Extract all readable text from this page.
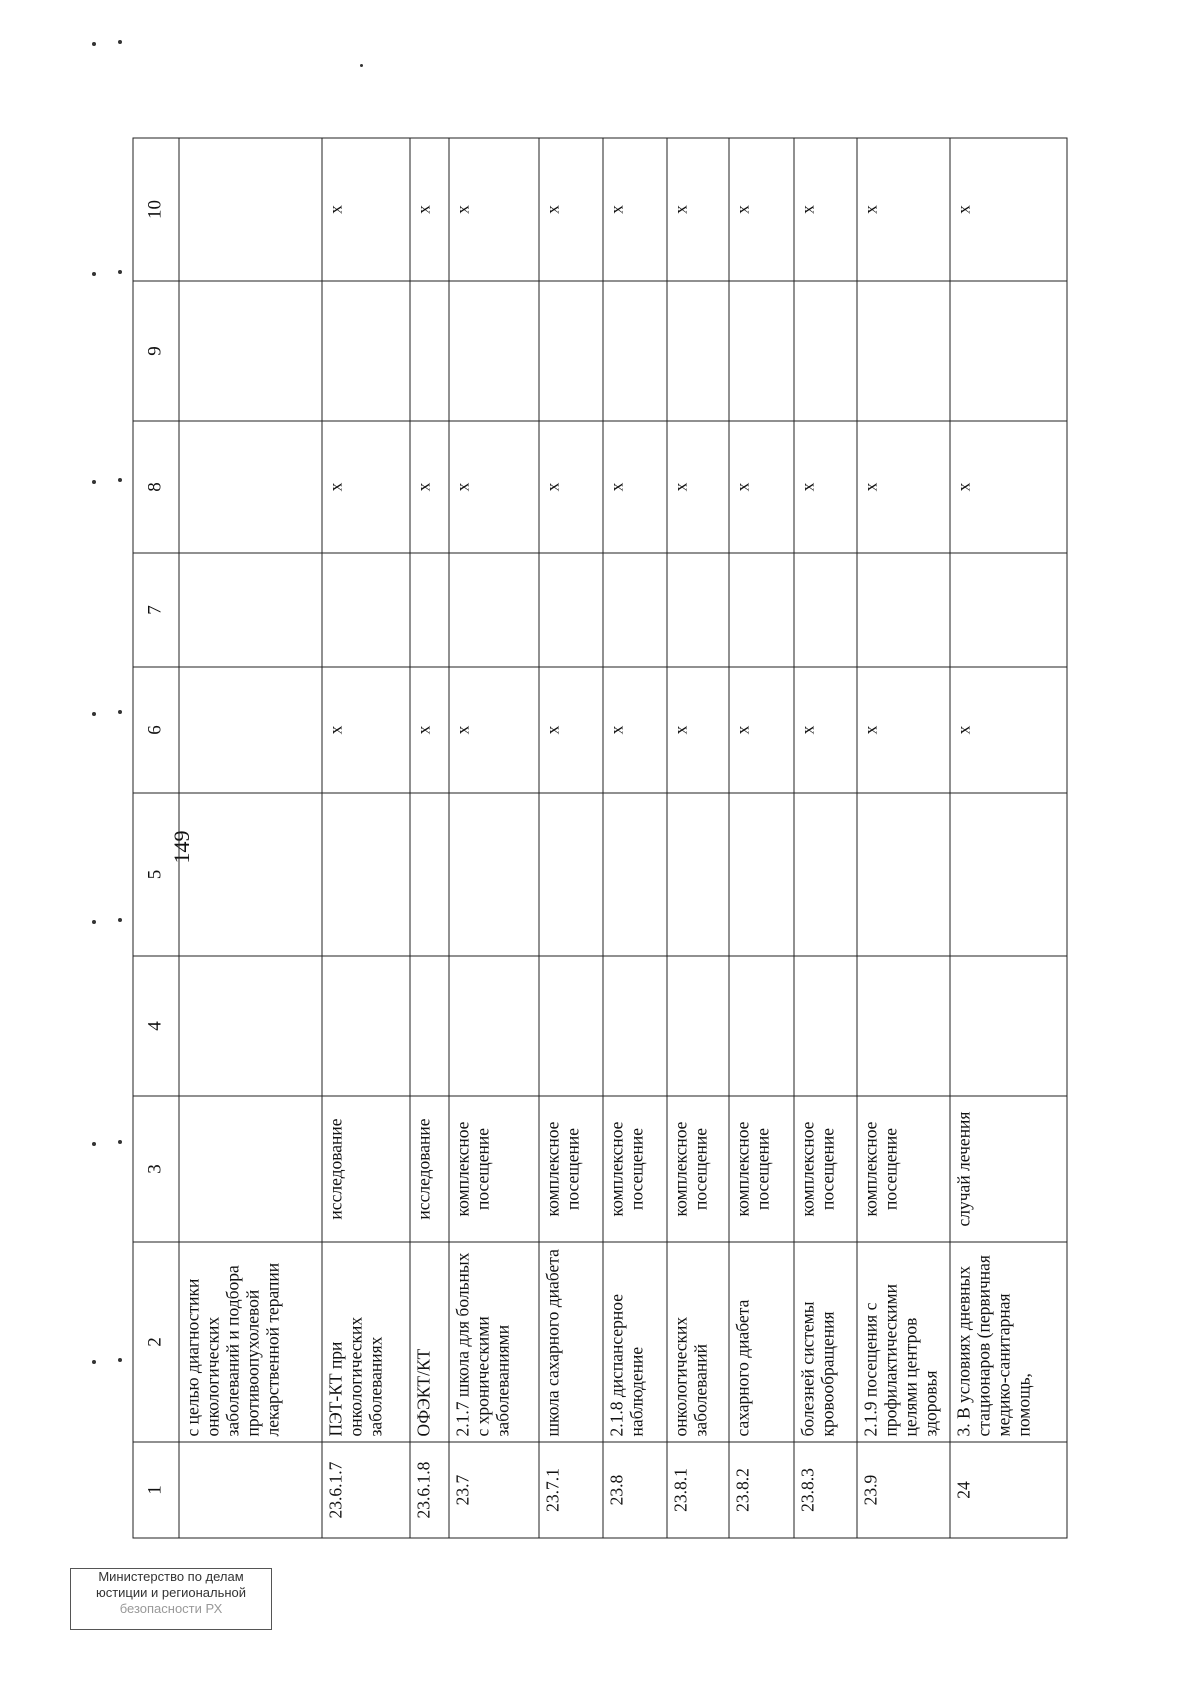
149
1	2	3	4	5	6	7	8	9	10
	с целью диагностики онкологических заболеваний и подбора противоопухолевой лекарственной терапии								
23.6.1.7	ПЭТ-КТ при онкологических заболеваниях	исследование			х		х		х
23.6.1.8	ОФЭКТ/КТ	исследование			х		х		х
23.7	2.1.7 школа для больных с хроническими заболеваниями	комплексное посещение			х		х		х
23.7.1	школа сахарного диабета	комплексное посещение			х		х		х
23.8	2.1.8 диспансерное наблюдение	комплексное посещение			х		х		х
23.8.1	онкологических заболеваний	комплексное посещение			х		х		х
23.8.2	сахарного диабета	комплексное посещение			х		х		х
23.8.3	болезней системы кровообращения	комплексное посещение			х		х		х
23.9	2.1.9 посещения с профилактическими целями центров здоровья	комплексное посещение			х		х		х
24	3. В условиях дневных стационаров (первичная медико-санитарная помощь,	случай лечения			х		х		х
Министерство по делам
юстиции и региональной
безопасности РХ
